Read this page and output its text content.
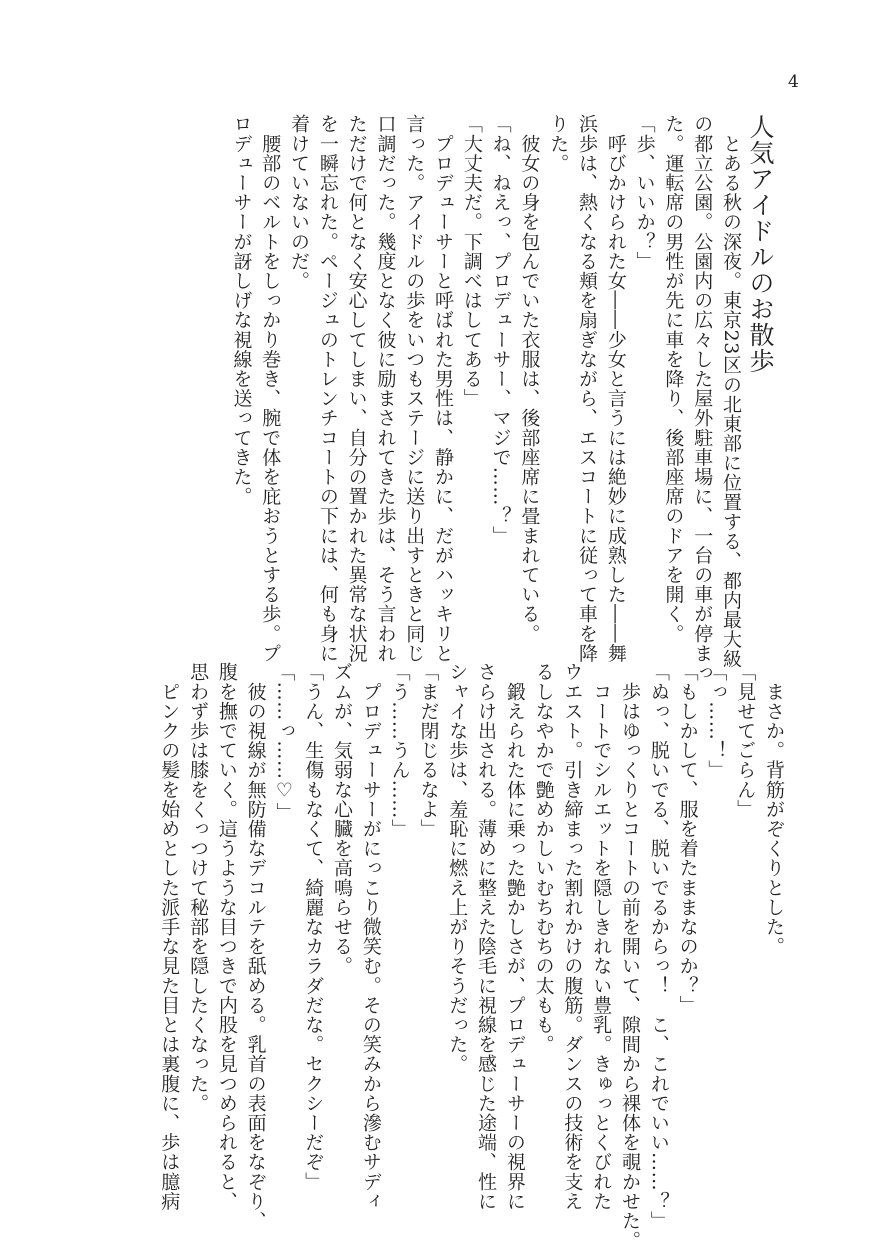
4
人気アイドルのお散歩
　とある秋の深夜。東京23区の北東部に位置する、都内最大級
の都立公園。公園内の広々した屋外駐車場に、一台の車が停まっ
た。運転席の男性が先に車を降り、後部座席のドアを開く。
「歩、いいか？」
　呼びかけられた女――少女と言うには絶妙に成熟した――舞
浜歩は、熱くなる頬を扇ぎながら、エスコートに従って車を降
りた。
　彼女の身を包んでいた衣服は、後部座席に畳まれている。
「ね、ねえっ、プロデューサー、マジで……？」
「大丈夫だ。下調べはしてある」
　プロデューサーと呼ばれた男性は、静かに、だがハッキリと
言った。アイドルの歩をいつもステージに送り出すときと同じ
口調だった。幾度となく彼に励まされてきた歩は、そう言われ
ただけで何となく安心してしまい、自分の置かれた異常な状況
を一瞬忘れた。ページュのトレンチコートの下には、何も身に
着けていないのだ。
　腰部のベルトをしっかり巻き、腕で体を庇おうとする歩。プ
ロデューサーが訝しげな視線を送ってきた。
　まさか。背筋がぞくりとした。
「見せてごらん」
「っ……！」
「もしかして、服を着たままなのか？」
「ぬっ、脱いでる、脱いでるからっ！　こ、これでいい……？」
　歩はゆっくりとコートの前を開いて、隙間から裸体を覗かせた。
　コートでシルエットを隠しきれない豊乳。きゅっとくびれた
ウエスト。引き締まった割れかけの腹筋。ダンスの技術を支え
るしなやかで艶めかしいむちむちの太もも。
　鍛えられた体に乗った艶かしさが、プロデューサーの視界に
さらけ出される。薄めに整えた陰毛に視線を感じた途端、性に
シャイな歩は、羞恥に燃え上がりそうだった。
「まだ閉じるなよ」
「う……うん……」
　プロデューサーがにっこり微笑む。その笑みから滲むサディ
ズムが、気弱な心臓を高鳴らせる。
「うん、生傷もなくて、綺麗なカラダだな。セクシーだぞ」
「……っ……♡」
　彼の視線が無防備なデコルテを舐める。乳首の表面をなぞり、
腹を撫でていく。這うような目つきで内股を見つめられると、
思わず歩は膝をくっつけて秘部を隠したくなった。
　ピンクの髪を始めとした派手な見た目とは裏腹に、歩は臆病
